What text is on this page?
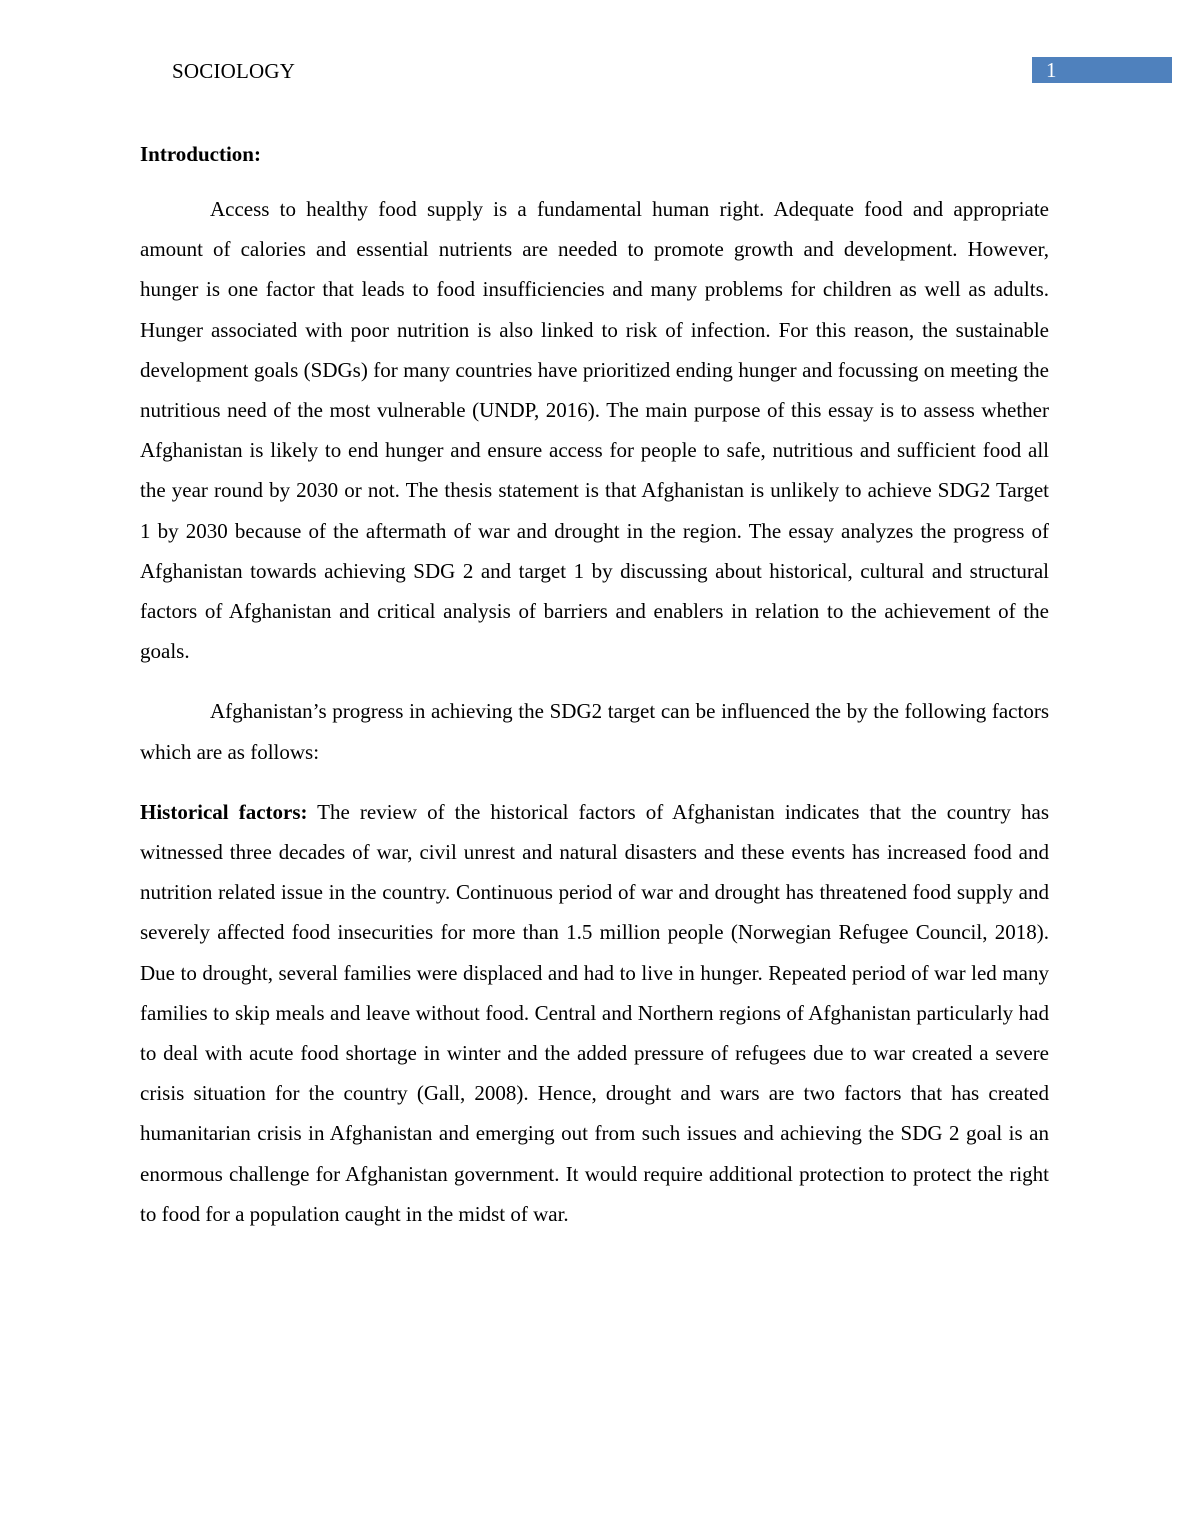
SOCIOLOGY	1
Introduction:

Access to healthy food supply is a fundamental human right. Adequate food and appropriate amount of calories and essential nutrients are needed to promote growth and development. However, hunger is one factor that leads to food insufficiencies and many problems for children as well as adults. Hunger associated with poor nutrition is also linked to risk of infection. For this reason, the sustainable development goals (SDGs) for many countries have prioritized ending hunger and focussing on meeting the nutritious need of the most vulnerable (UNDP, 2016). The main purpose of this essay is to assess whether Afghanistan is likely to end hunger and ensure access for people to safe, nutritious and sufficient food all the year round by 2030 or not. The thesis statement is that Afghanistan is unlikely to achieve SDG2 Target 1 by 2030 because of the aftermath of war and drought in the region. The essay analyzes the progress of Afghanistan towards achieving SDG 2 and target 1 by discussing about historical, cultural and structural factors of Afghanistan and critical analysis of barriers and enablers in relation to the achievement of the goals.

Afghanistan’s progress in achieving the SDG2 target can be influenced the by the following factors which are as follows:

Historical factors: The review of the historical factors of Afghanistan indicates that the country has witnessed three decades of war, civil unrest and natural disasters and these events has increased food and nutrition related issue in the country. Continuous period of war and drought has threatened food supply and severely affected food insecurities for more than 1.5 million people (Norwegian Refugee Council, 2018). Due to drought, several families were displaced and had to live in hunger. Repeated period of war led many families to skip meals and leave without food. Central and Northern regions of Afghanistan particularly had to deal with acute food shortage in winter and the added pressure of refugees due to war created a severe crisis situation for the country (Gall, 2008). Hence, drought and wars are two factors that has created humanitarian crisis in Afghanistan and emerging out from such issues and achieving the SDG 2 goal is an enormous challenge for Afghanistan government. It would require additional protection to protect the right to food for a population caught in the midst of war.
